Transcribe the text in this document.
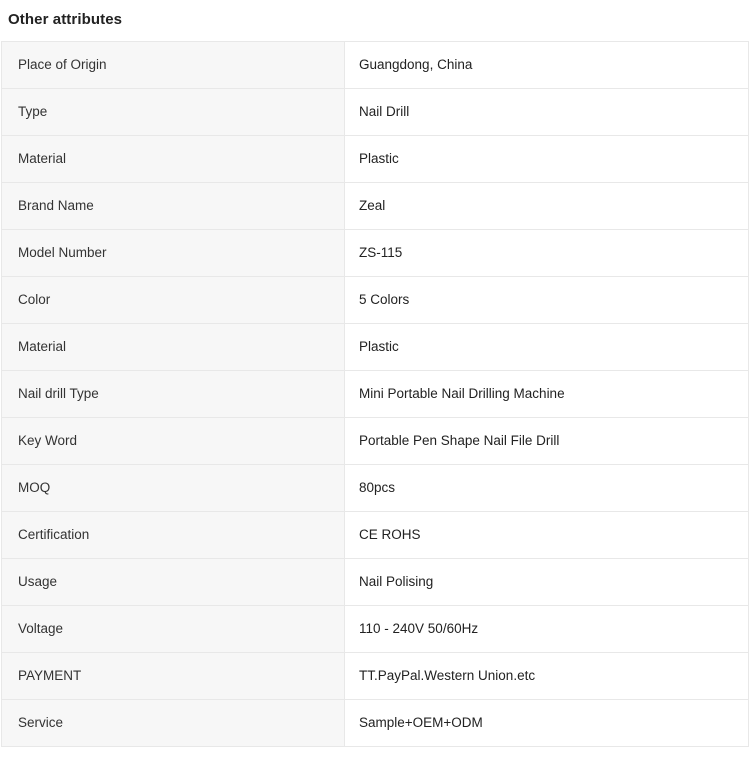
Other attributes
Place of Origin	Guangdong, China
Type	Nail Drill
Material	Plastic
Brand Name	Zeal
Model Number	ZS-115
Color	5 Colors
Material	Plastic
Nail drill Type	Mini Portable Nail Drilling Machine
Key Word	Portable Pen Shape Nail File Drill
MOQ	80pcs
Certification	CE ROHS
Usage	Nail Polising
Voltage	110 - 240V 50/60Hz
PAYMENT	TT.PayPal.Western Union.etc
Service	Sample+OEM+ODM
